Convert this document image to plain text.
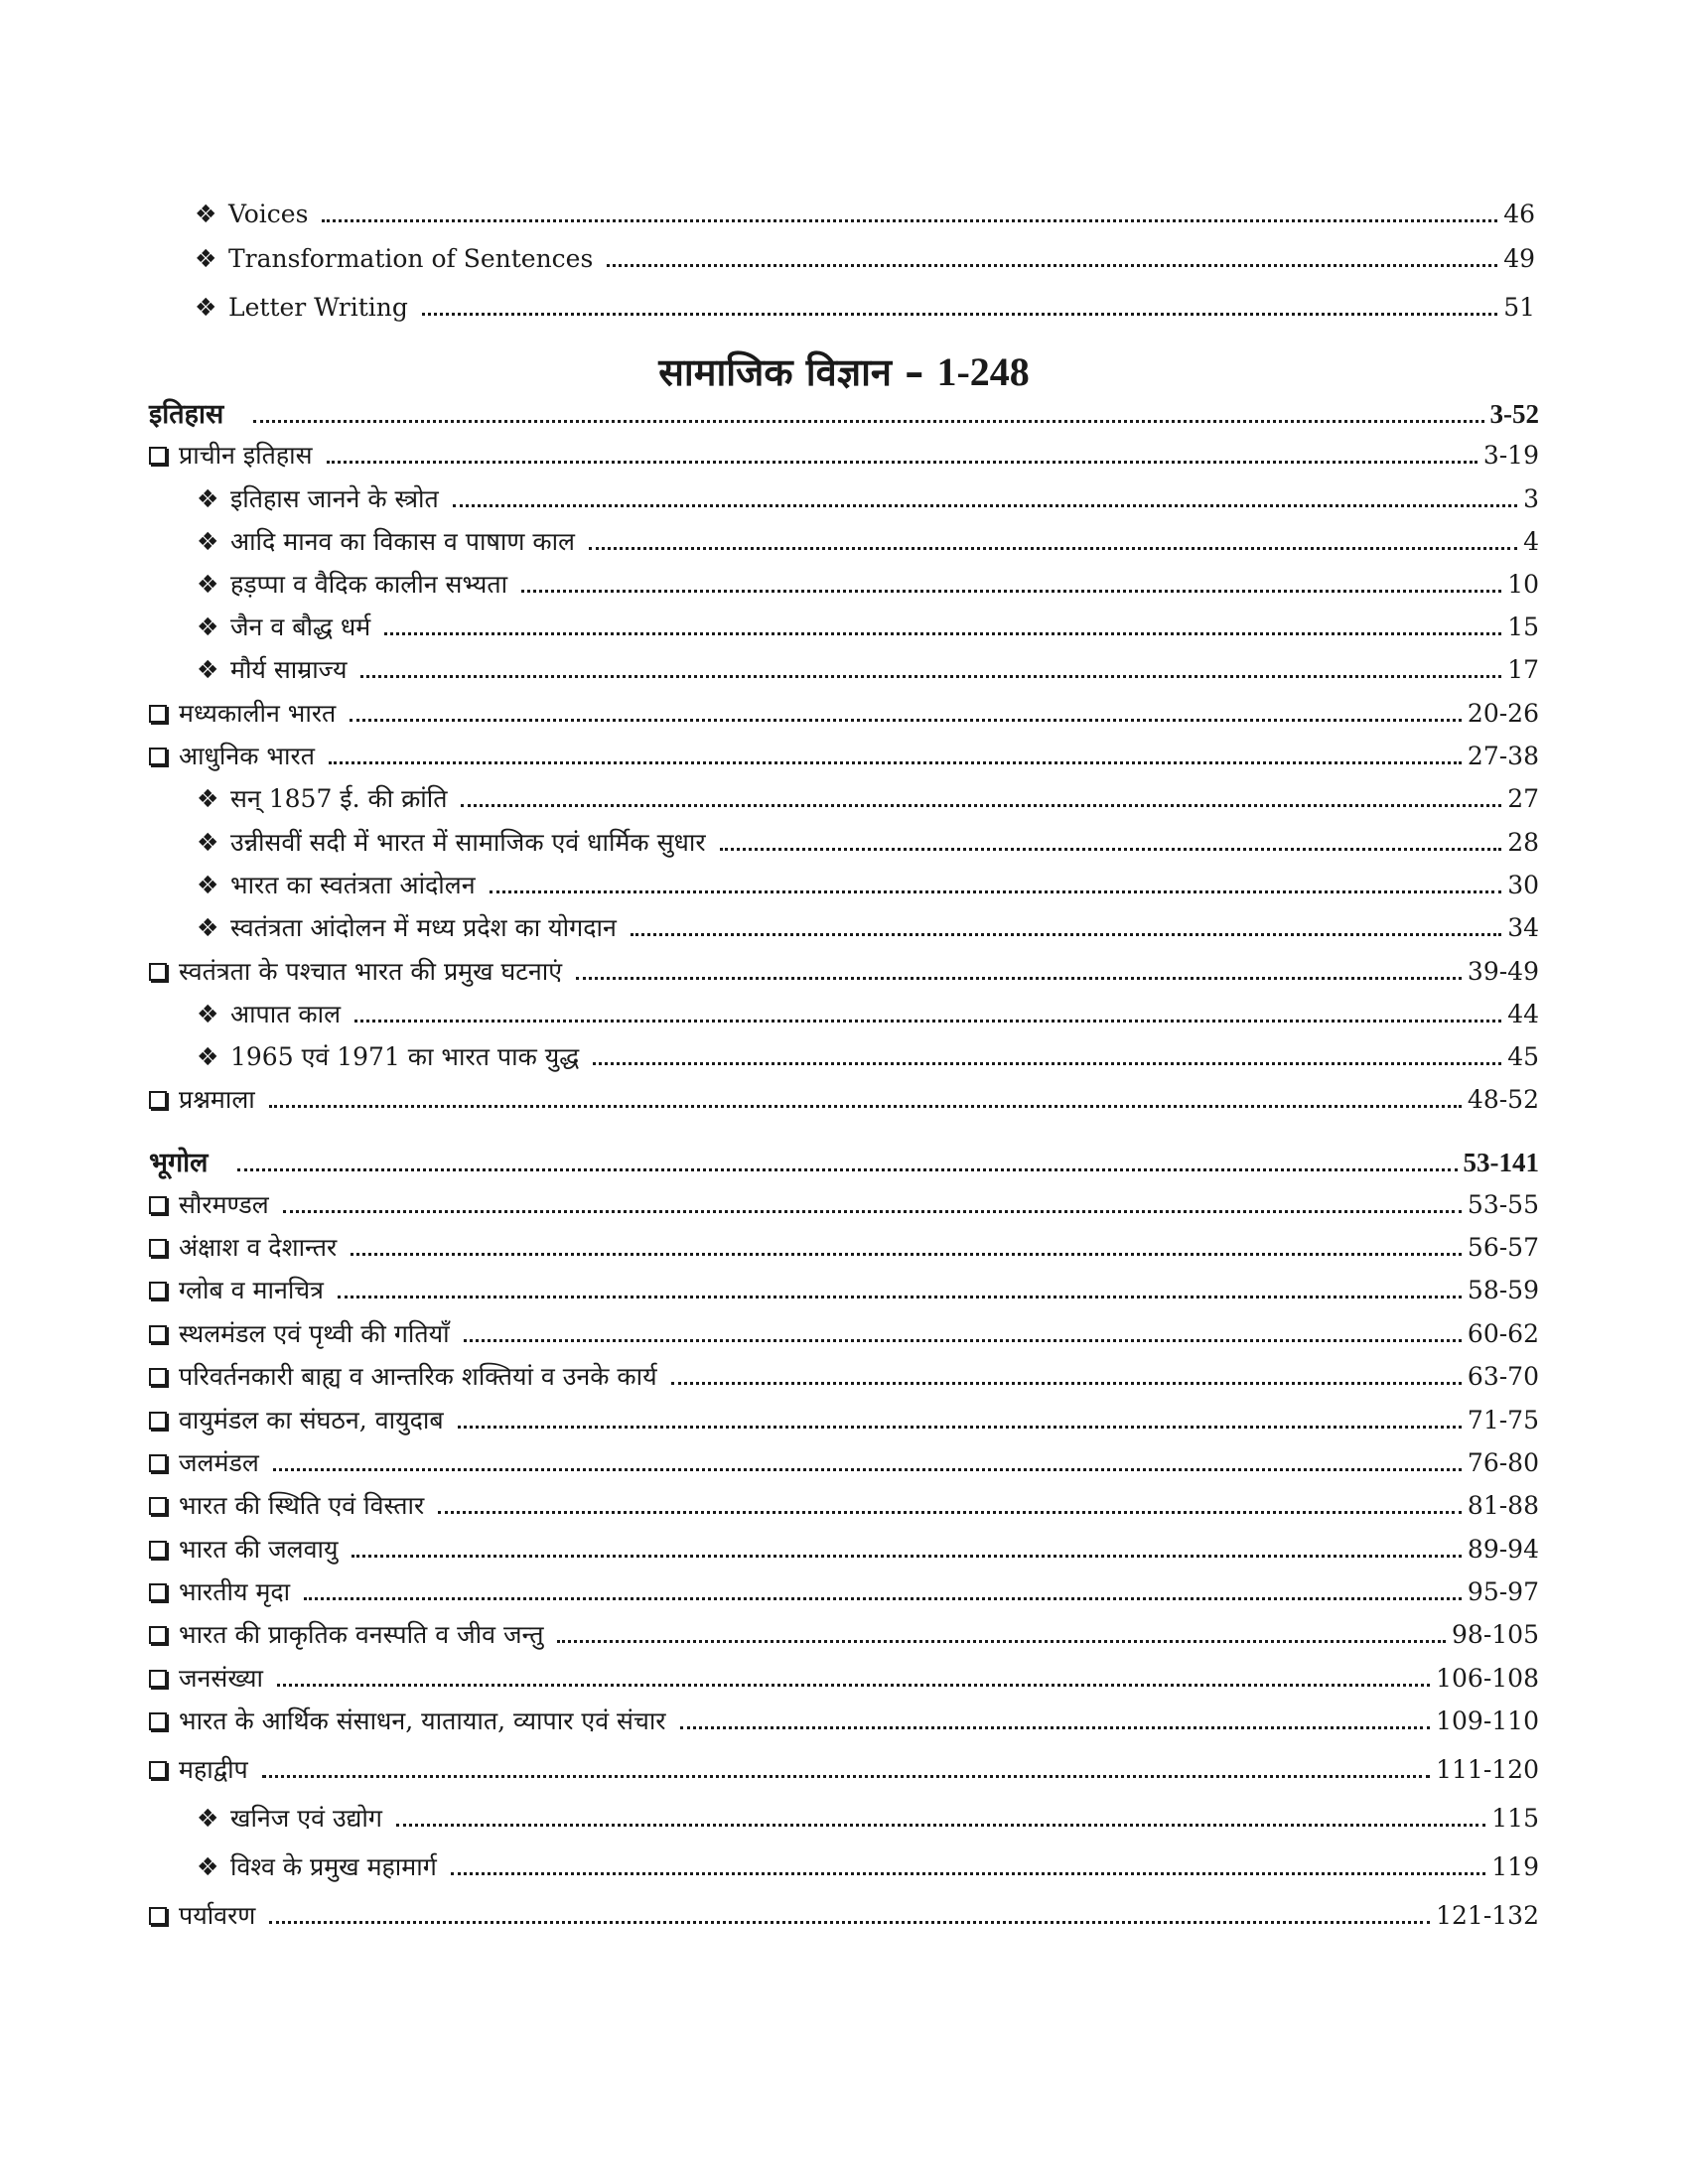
❖ Voices	46
❖ Transformation of Sentences	49
❖ Letter Writing	51
सामाजिक विज्ञान – 1-248
इतिहास	3-52
प्राचीन इतिहास	3-19
❖ इतिहास जानने के स्त्रोत	3
❖ आदि मानव का विकास व पाषाण काल	4
❖ हड़प्पा व वैदिक कालीन सभ्यता	10
❖ जैन व बौद्ध धर्म	15
❖ मौर्य साम्राज्य	17
मध्यकालीन भारत	20-26
आधुनिक भारत	27-38
❖ सन् 1857 ई. की क्रांति	27
❖ उन्नीसवीं सदी में भारत में सामाजिक एवं धार्मिक सुधार	28
❖ भारत का स्वतंत्रता आंदोलन	30
❖ स्वतंत्रता आंदोलन में मध्य प्रदेश का योगदान	34
स्वतंत्रता के पश्चात भारत की प्रमुख घटनाएं	39-49
❖ आपात काल	44
❖ 1965 एवं 1971 का भारत पाक युद्ध	45
प्रश्नमाला	48-52
भूगोल	53-141
सौरमण्डल	53-55
अंक्षाश व देशान्तर	56-57
ग्लोब व मानचित्र	58-59
स्थलमंडल एवं पृथ्वी की गतियाँ	60-62
परिवर्तनकारी बाह्य व आन्तरिक शक्तियां व उनके कार्य	63-70
वायुमंडल का संघठन, वायुदाब	71-75
जलमंडल	76-80
भारत की स्थिति एवं विस्तार	81-88
भारत की जलवायु	89-94
भारतीय मृदा	95-97
भारत की प्राकृतिक वनस्पति व जीव जन्तु	98-105
जनसंख्या	106-108
भारत के आर्थिक संसाधन, यातायात, व्यापार एवं संचार	109-110
महाद्वीप	111-120
❖ खनिज एवं उद्योग	115
❖ विश्व के प्रमुख महामार्ग	119
पर्यावरण	121-132
